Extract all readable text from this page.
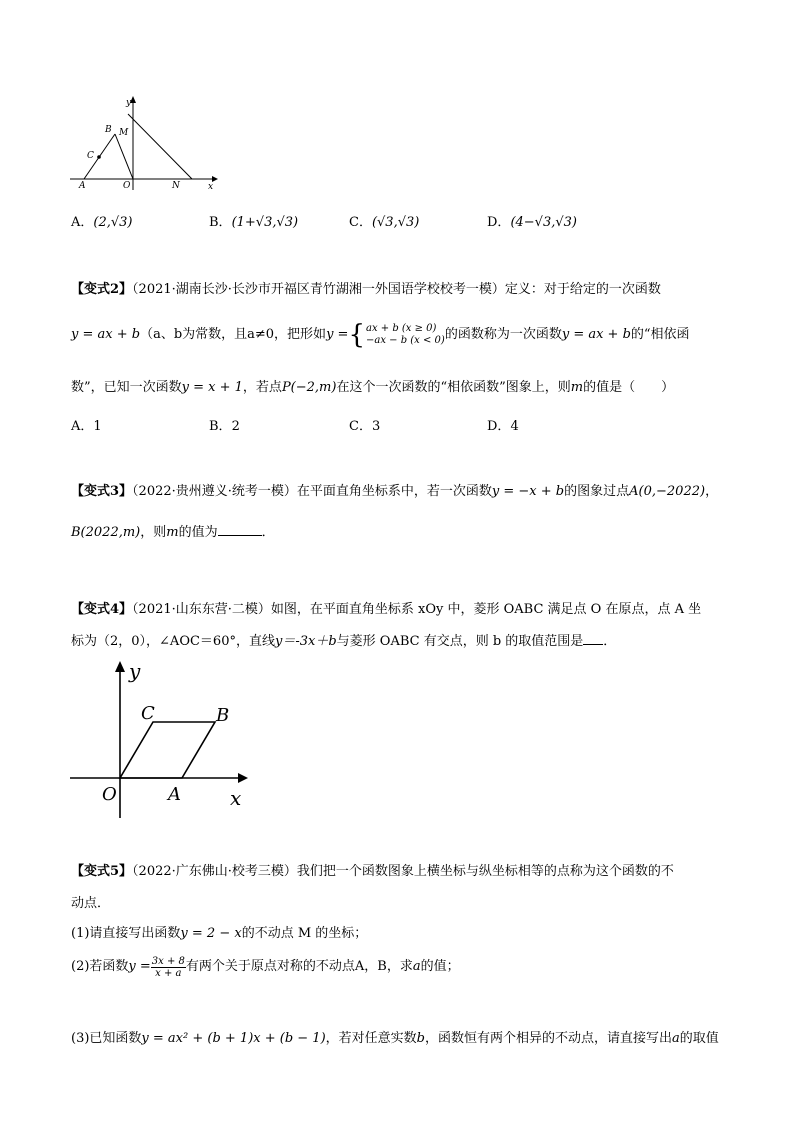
y
x
M
B
C
A	O	N
A．(2,√3)	B．(1+√3,√3)	C．(√3,√3)	D．(4−√3,√3)
【变式2】（2021·湖南长沙·长沙市开福区青竹湖湘一外国语学校校考一模）定义：对于给定的一次函数
y = ax + b （a、b为常数，且a≠0，把形如 y = { ax + b (x ≥ 0)
−ax − b (x < 0) 的函数称为一次函数 y = ax + b 的“相依函
数”，已知一次函数y = x + 1，若点P(−2,m)在这个一次函数的“相依函数”图象上，则m的值是（　　）
A．1	B．2	C．3	D．4
【变式3】（2022·贵州遵义·统考一模）在平面直角坐标系中，若一次函数y = −x + b的图象过点A(0,−2022)，
B(2022,m)，则m的值为	．
【变式4】（2021·山东东营·二模）如图，在平面直角坐标系 xOy 中，菱形 OABC 满足点 O 在原点，点 A 坐
标为（2，0），∠AOC＝60°，直线y＝-3x＋b与菱形 OABC 有交点，则 b 的取值范围是 ．
y
x
C	B
O	A
【变式5】（2022·广东佛山·校考三模）我们把一个函数图象上横坐标与纵坐标相等的点称为这个函数的不
动点．
(1)请直接写出函数y = 2 − x的不动点 M 的坐标；
(2)若函数 $y = \frac{3x + 8}{x + a}$ 有两个关于原点对称的不动点A，B，求 a 的值；
(3)已知函数y = ax² + (b + 1)x + (b − 1)，若对任意实数b，函数恒有两个相异的不动点，请直接写出a的取值
